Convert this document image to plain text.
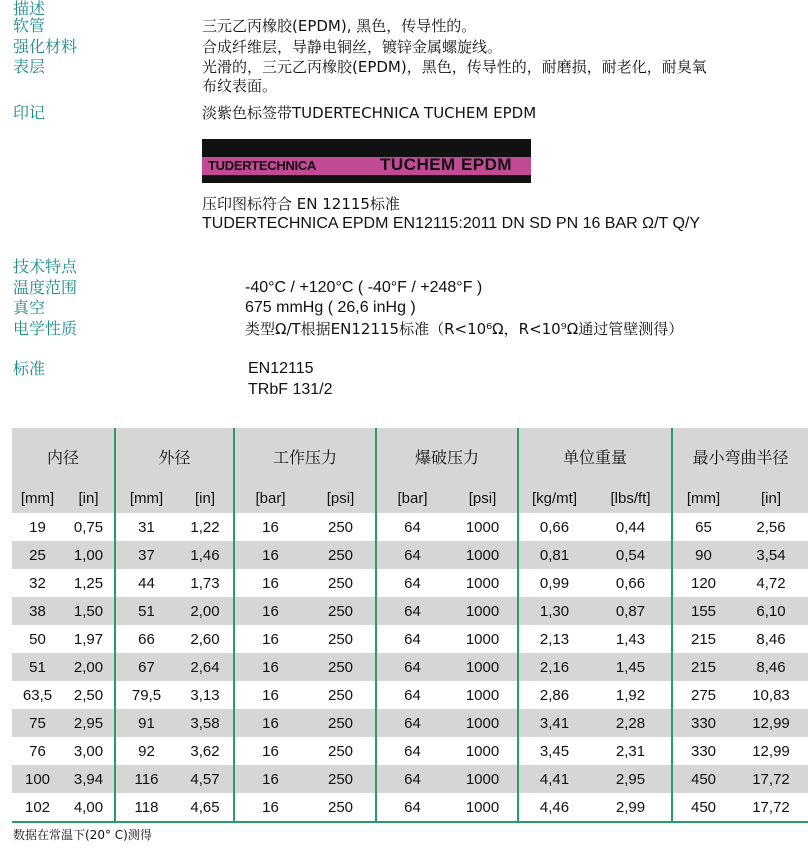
描述
软管	三元乙丙橡胶(EPDM), 黑色，传导性的。
强化材料	合成纤维层，导静电铜丝，镀锌金属螺旋线。
表层	光滑的，三元乙丙橡胶(EPDM)，黑色，传导性的，耐磨损，耐老化，耐臭氧
布纹表面。
印记	淡紫色标签带TUDERTECHNICA TUCHEM EPDM
TUDERTECHNICA	TUCHEM EPDM
压印图标符合 EN 12115标准
TUDERTECHNICA EPDM EN12115:2011 DN SD PN 16 BAR Ω/T Q/Y
技术特点
温度范围	-40°C / +120°C ( -40°F / +248°F )
真空	675 mmHg ( 26,6 inHg )
电学性质	类型Ω/T根据EN12115标准（R<10⁶Ω，R<10⁹Ω通过管壁测得）
标准	EN12115
TRbF 131/2
内径		外径		工作压力		爆破压力		单位重量		最小弯曲半径	
[mm]	[in]	[mm]	[in]	[bar]	[psi]	[bar]	[psi]	[kg/mt]	[lbs/ft]	[mm]	[in]
19	0,75	31	1,22	16	250	64	1000	0,66	0,44	65	2,56
25	1,00	37	1,46	16	250	64	1000	0,81	0,54	90	3,54
32	1,25	44	1,73	16	250	64	1000	0,99	0,66	120	4,72
38	1,50	51	2,00	16	250	64	1000	1,30	0,87	155	6,10
50	1,97	66	2,60	16	250	64	1000	2,13	1,43	215	8,46
51	2,00	67	2,64	16	250	64	1000	2,16	1,45	215	8,46
63,5	2,50	79,5	3,13	16	250	64	1000	2,86	1,92	275	10,83
75	2,95	91	3,58	16	250	64	1000	3,41	2,28	330	12,99
76	3,00	92	3,62	16	250	64	1000	3,45	2,31	330	12,99
100	3,94	116	4,57	16	250	64	1000	4,41	2,95	450	17,72
102	4,00	118	4,65	16	250	64	1000	4,46	2,99	450	17,72
数据在常温下(20° C)测得
